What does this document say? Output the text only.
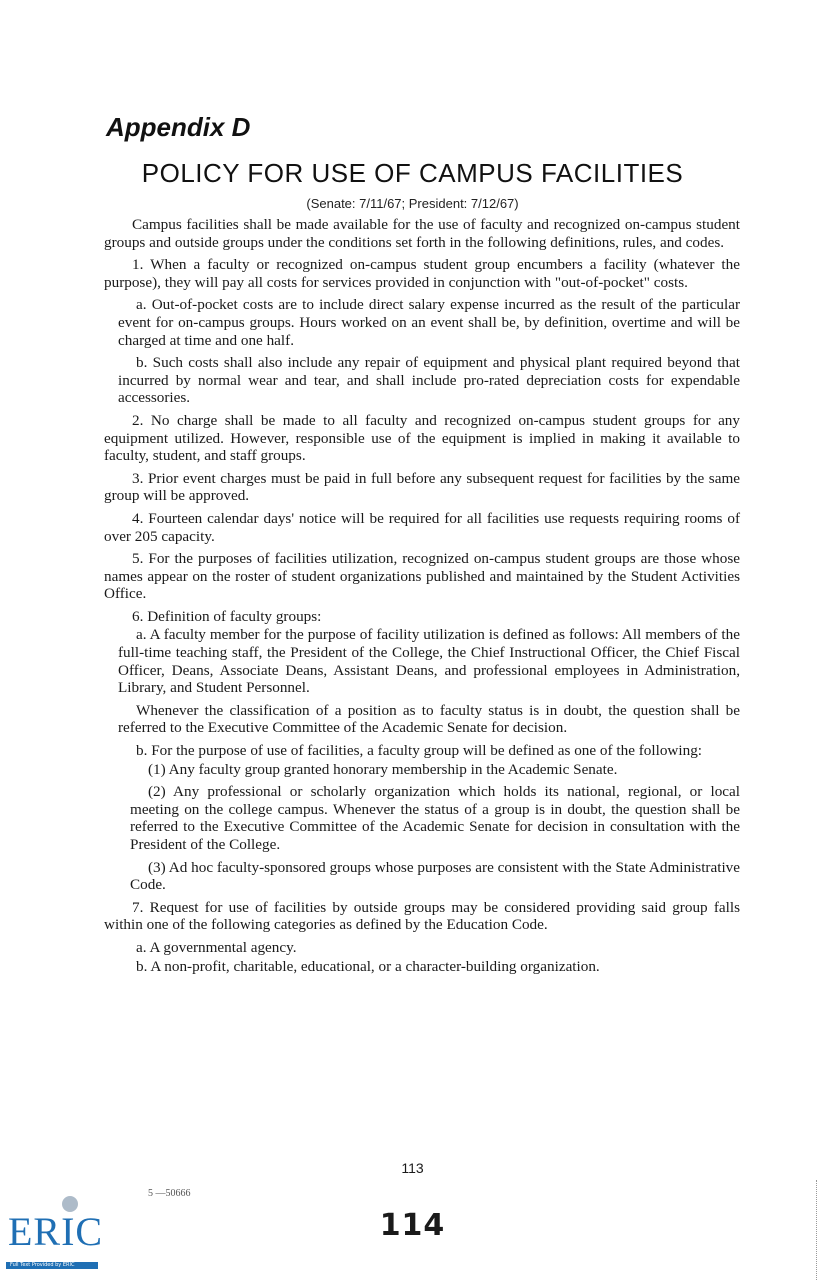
Appendix D
POLICY FOR USE OF CAMPUS FACILITIES
(Senate: 7/11/67; President: 7/12/67)

Campus facilities shall be made available for the use of faculty and recognized on-campus student groups and outside groups under the conditions set forth in the following definitions, rules, and codes.

1. When a faculty or recognized on-campus student group encumbers a facility (whatever the purpose), they will pay all costs for services provided in conjunction with "out-of-pocket" costs.

a. Out-of-pocket costs are to include direct salary expense incurred as the result of the particular event for on-campus groups. Hours worked on an event shall be, by definition, overtime and will be charged at time and one half.

b. Such costs shall also include any repair of equipment and physical plant required beyond that incurred by normal wear and tear, and shall include pro-rated depreciation costs for expendable accessories.

2. No charge shall be made to all faculty and recognized on-campus student groups for any equipment utilized. However, responsible use of the equipment is implied in making it available to faculty, student, and staff groups.

3. Prior event charges must be paid in full before any subsequent request for facilities by the same group will be approved.

4. Fourteen calendar days' notice will be required for all facilities use requests requiring rooms of over 205 capacity.

5. For the purposes of facilities utilization, recognized on-campus student groups are those whose names appear on the roster of student organizations published and maintained by the Student Activities Office.

6. Definition of faculty groups:

a. A faculty member for the purpose of facility utilization is defined as follows: All members of the full-time teaching staff, the President of the College, the Chief Instructional Officer, the Chief Fiscal Officer, Deans, Associate Deans, Assistant Deans, and professional employees in Administration, Library, and Student Personnel.

Whenever the classification of a position as to faculty status is in doubt, the question shall be referred to the Executive Committee of the Academic Senate for decision.

b. For the purpose of use of facilities, a faculty group will be defined as one of the following:

(1) Any faculty group granted honorary membership in the Academic Senate.

(2) Any professional or scholarly organization which holds its national, regional, or local meeting on the college campus. Whenever the status of a group is in doubt, the question shall be referred to the Executive Committee of the Academic Senate for decision in consultation with the President of the College.

(3) Ad hoc faculty-sponsored groups whose purposes are consistent with the State Administrative Code.

7. Request for use of facilities by outside groups may be considered providing said group falls within one of the following categories as defined by the Education Code.

a. A governmental agency.

b. A non-profit, charitable, educational, or a character-building organization.

113
5 —50666
114
ERIC
Full Text Provided by ERIC
